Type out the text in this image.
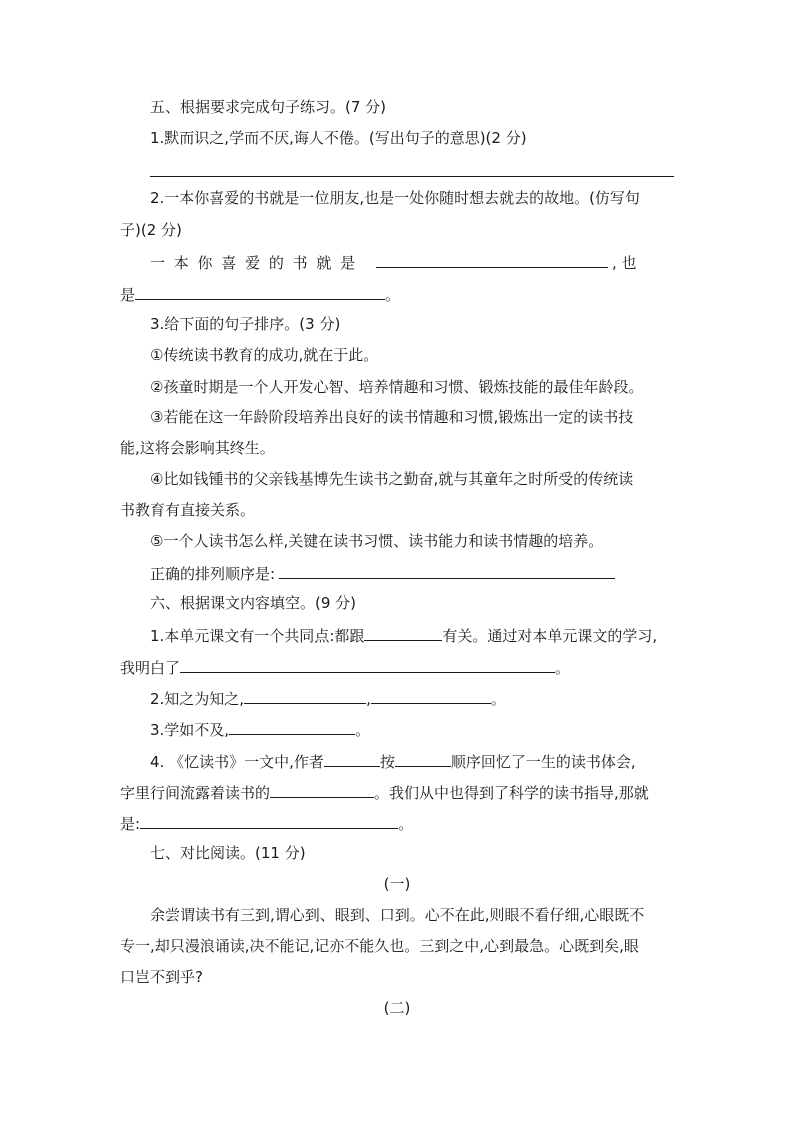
五、根据要求完成句子练习。(7 分)
1.默而识之,学而不厌,诲人不倦。(写出句子的意思)(2 分)
2.一本你喜爱的书就是一位朋友,也是一处你随时想去就去的故地。(仿写句
子)(2 分)
一 本 你 喜 爱 的 书 就 是	, 也
是	。
3.给下面的句子排序。(3 分)
①传统读书教育的成功,就在于此。
②孩童时期是一个人开发心智、培养情趣和习惯、锻炼技能的最佳年龄段。
③若能在这一年龄阶段培养出良好的读书情趣和习惯,锻炼出一定的读书技
能,这将会影响其终生。
④比如钱锺书的父亲钱基博先生读书之勤奋,就与其童年之时所受的传统读
书教育有直接关系。
⑤一个人读书怎么样,关键在读书习惯、读书能力和读书情趣的培养。
正确的排列顺序是:
六、根据课文内容填空。(9 分)
1.本单元课文有一个共同点:都跟	有关。通过对本单元课文的学习,
我明白了	。
2.知之为知之,	,	。
3.学如不及,	。
4. 《忆读书》一文中,作者	按	顺序回忆了一生的读书体会,
字里行间流露着读书的	。我们从中也得到了科学的读书指导,那就
是:	。
七、对比阅读。(11 分)
(一)
余尝谓读书有三到,谓心到、眼到、口到。心不在此,则眼不看仔细,心眼既不
专一,却只漫浪诵读,决不能记,记亦不能久也。三到之中,心到最急。心既到矣,眼
口岂不到乎?
(二)
